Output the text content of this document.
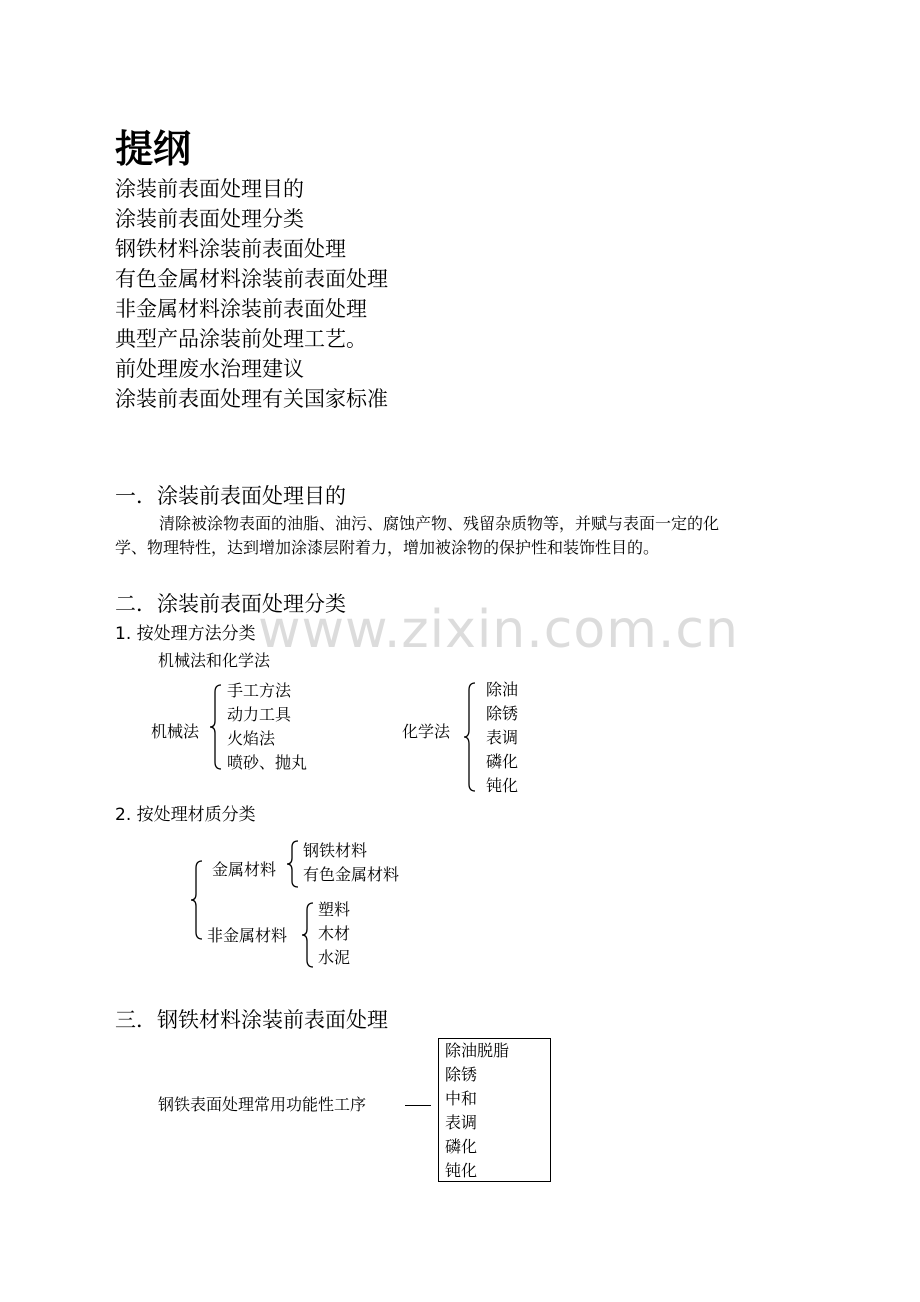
提纲
涂装前表面处理目的
涂装前表面处理分类
钢铁材料涂装前表面处理
有色金属材料涂装前表面处理
非金属材料涂装前表面处理
典型产品涂装前处理工艺。
前处理废水治理建议
涂装前表面处理有关国家标准
一．涂装前表面处理目的
清除被涂物表面的油脂、油污、腐蚀产物、残留杂质物等，并赋与表面一定的化
学、物理特性，达到增加涂漆层附着力，增加被涂物的保护性和装饰性目的。
二．涂装前表面处理分类
1. 按处理方法分类
机械法和化学法
机械法
手工方法
动力工具
火焰法
喷砂、抛丸
化学法
除油
除锈
表调
磷化
钝化
2. 按处理材质分类
金属材料
钢铁材料
有色金属材料
非金属材料
塑料
木材
水泥
三．钢铁材料涂装前表面处理
钢铁表面处理常用功能性工序
除油脱脂
除锈
中和
表调
磷化
钝化
www.zixin.com.cn
